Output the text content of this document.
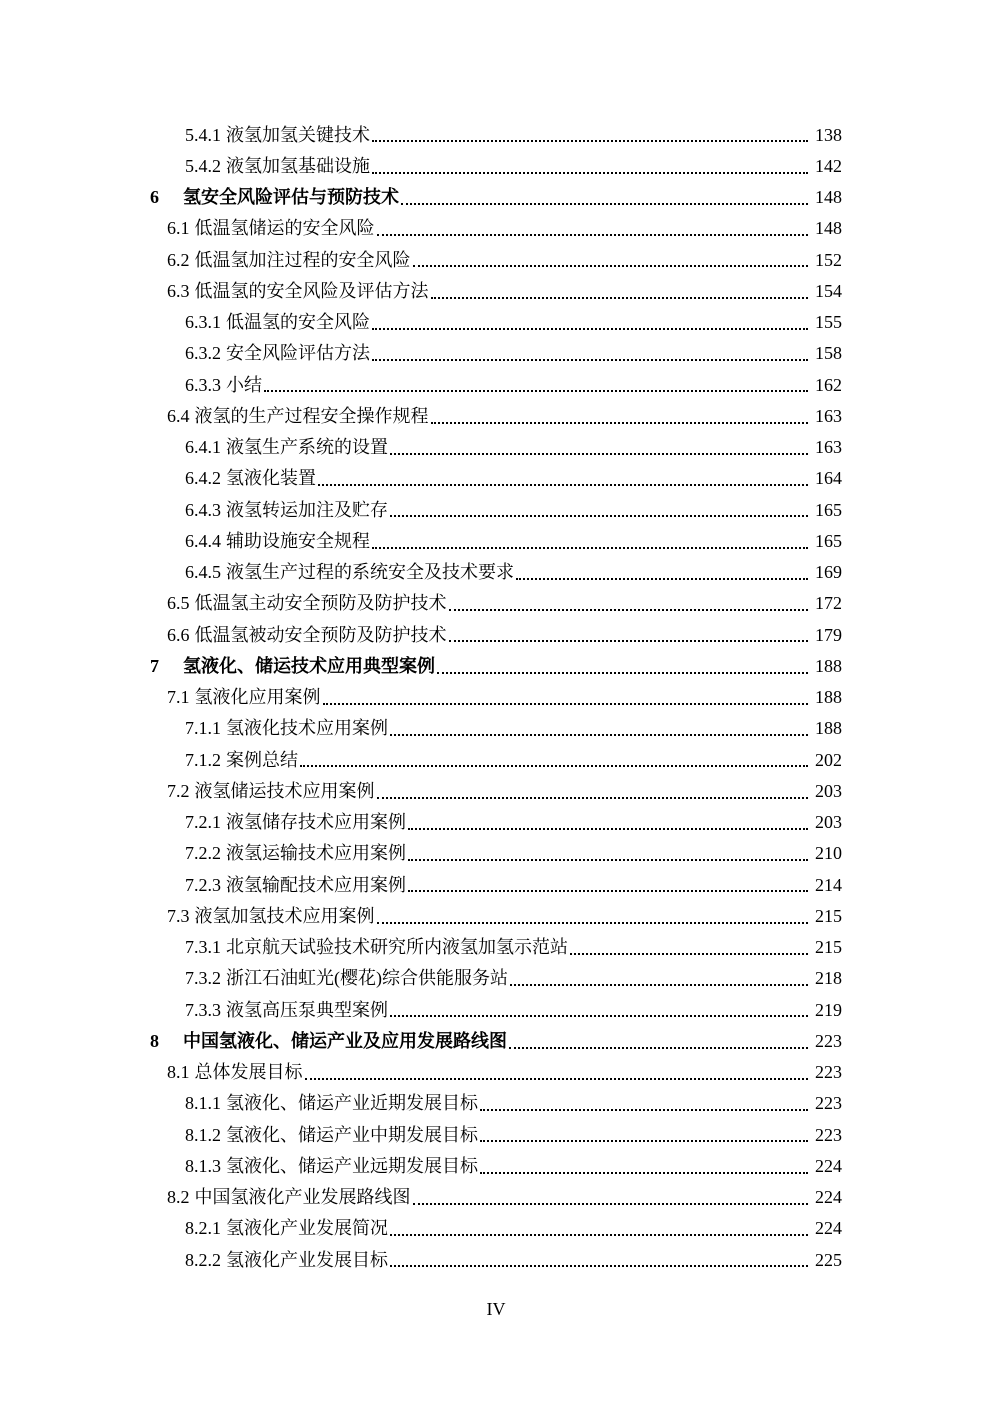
5.4.1 液氢加氢关键技术	138
5.4.2 液氢加氢基础设施	142
6	氢安全风险评估与预防技术	148
6.1 低温氢储运的安全风险	148
6.2 低温氢加注过程的安全风险	152
6.3 低温氢的安全风险及评估方法	154
6.3.1 低温氢的安全风险	155
6.3.2 安全风险评估方法	158
6.3.3 小结	162
6.4 液氢的生产过程安全操作规程	163
6.4.1 液氢生产系统的设置	163
6.4.2 氢液化装置	164
6.4.3 液氢转运加注及贮存	165
6.4.4 辅助设施安全规程	165
6.4.5 液氢生产过程的系统安全及技术要求	169
6.5 低温氢主动安全预防及防护技术	172
6.6 低温氢被动安全预防及防护技术	179
7	氢液化、储运技术应用典型案例	188
7.1 氢液化应用案例	188
7.1.1 氢液化技术应用案例	188
7.1.2 案例总结	202
7.2 液氢储运技术应用案例	203
7.2.1 液氢储存技术应用案例	203
7.2.2 液氢运输技术应用案例	210
7.2.3 液氢输配技术应用案例	214
7.3 液氢加氢技术应用案例	215
7.3.1 北京航天试验技术研究所内液氢加氢示范站	215
7.3.2 浙江石油虹光(樱花)综合供能服务站	218
7.3.3 液氢高压泵典型案例	219
8	中国氢液化、储运产业及应用发展路线图	223
8.1 总体发展目标	223
8.1.1 氢液化、储运产业近期发展目标	223
8.1.2 氢液化、储运产业中期发展目标	223
8.1.3 氢液化、储运产业远期发展目标	224
8.2 中国氢液化产业发展路线图	224
8.2.1 氢液化产业发展简况	224
8.2.2 氢液化产业发展目标	225
IV
